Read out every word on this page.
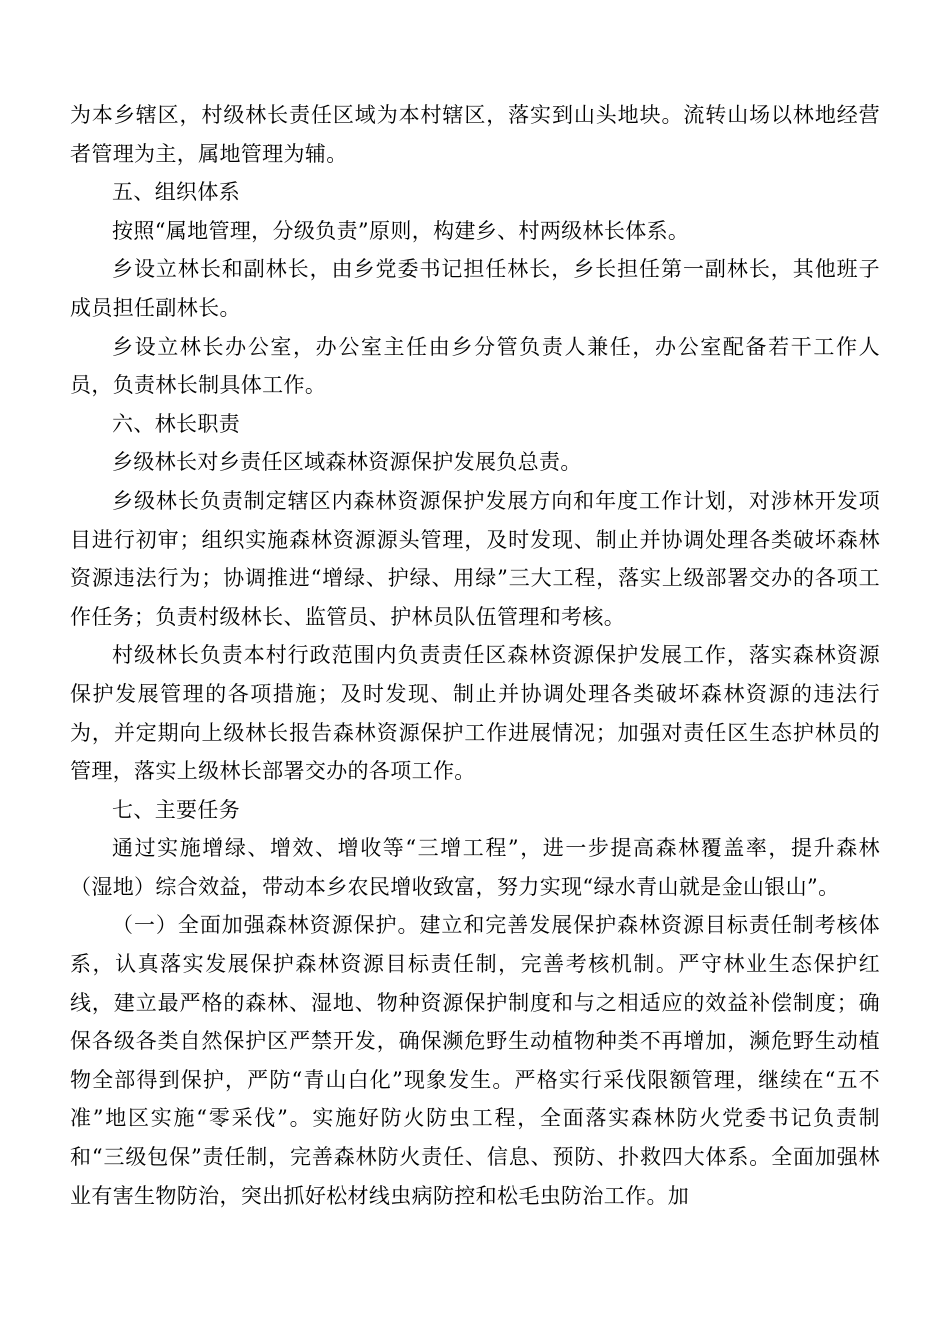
为本乡辖区，村级林长责任区域为本村辖区，落实到山头地块。流转山场以林地经营者管理为主，属地管理为辅。

五、组织体系

按照“属地管理，分级负责”原则，构建乡、村两级林长体系。

乡设立林长和副林长，由乡党委书记担任林长，乡长担任第一副林长，其他班子成员担任副林长。

乡设立林长办公室，办公室主任由乡分管负责人兼任，办公室配备若干工作人员，负责林长制具体工作。

六、林长职责

乡级林长对乡责任区域森林资源保护发展负总责。

乡级林长负责制定辖区内森林资源保护发展方向和年度工作计划，对涉林开发项目进行初审；组织实施森林资源源头管理，及时发现、制止并协调处理各类破坏森林资源违法行为；协调推进“增绿、护绿、用绿”三大工程，落实上级部署交办的各项工作任务；负责村级林长、监管员、护林员队伍管理和考核。

村级林长负责本村行政范围内负责责任区森林资源保护发展工作，落实森林资源保护发展管理的各项措施；及时发现、制止并协调处理各类破坏森林资源的违法行为，并定期向上级林长报告森林资源保护工作进展情况；加强对责任区生态护林员的管理，落实上级林长部署交办的各项工作。

七、主要任务

通过实施增绿、增效、增收等“三增工程”，进一步提高森林覆盖率，提升森林（湿地）综合效益，带动本乡农民增收致富，努力实现“绿水青山就是金山银山”。

（一）全面加强森林资源保护。建立和完善发展保护森林资源目标责任制考核体系，认真落实发展保护森林资源目标责任制，完善考核机制。严守林业生态保护红线，建立最严格的森林、湿地、物种资源保护制度和与之相适应的效益补偿制度；确保各级各类自然保护区严禁开发，确保濒危野生动植物种类不再增加，濒危野生动植物全部得到保护，严防“青山白化”现象发生。严格实行采伐限额管理，继续在“五不准”地区实施“零采伐”。实施好防火防虫工程，全面落实森林防火党委书记负责制和“三级包保”责任制，完善森林防火责任、信息、预防、扑救四大体系。全面加强林业有害生物防治，突出抓好松材线虫病防控和松毛虫防治工作。加
